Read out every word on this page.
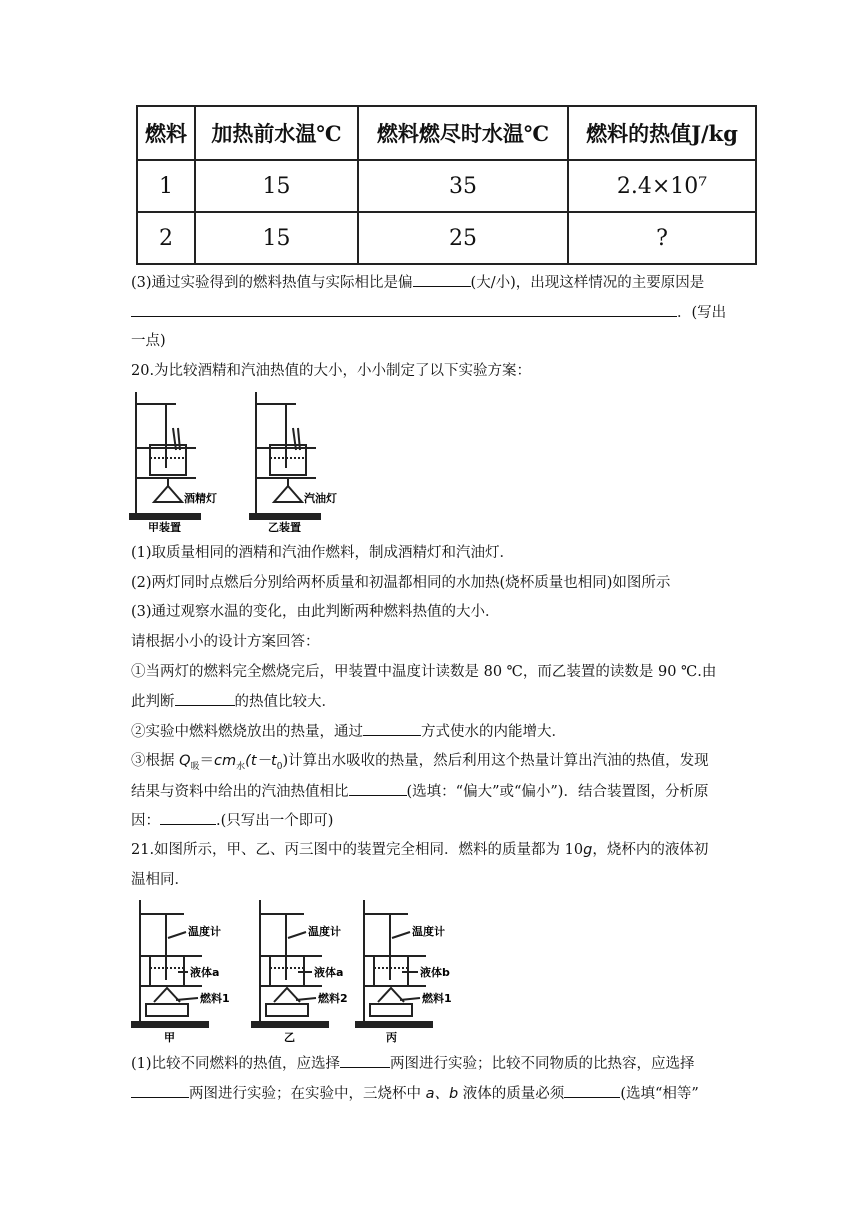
燃料	加热前水温℃	燃料燃尽时水温℃	燃料的热值J/kg
1	15	35	2.4×10⁷
2	15	25	?
(3)通过实验得到的燃料热值与实际相比是偏	(大/小)，出现这样情况的主要原因是
．(写出
一点)
20.为比较酒精和汽油热值的大小，小小制定了以下实验方案：
酒精灯	汽油灯
甲装置	乙装置
(1)取质量相同的酒精和汽油作燃料，制成酒精灯和汽油灯．
(2)两灯同时点燃后分别给两杯质量和初温都相同的水加热(烧杯质量也相同)如图所示
(3)通过观察水温的变化，由此判断两种燃料热值的大小．
请根据小小的设计方案回答：
①当两灯的燃料完全燃烧完后，甲装置中温度计读数是 80 ℃，而乙装置的读数是 90 ℃.由
此判断	的热值比较大．
②实验中燃料燃烧放出的热量，通过	方式使水的内能增大．
③根据 $Q_吸=cm_水(t-t_0)$计算出水吸收的热量，然后利用这个热量计算出汽油的热值，发现
结果与资料中给出的汽油热值相比	(选填：“偏大”或“偏小”)．结合装置图，分析原
因：	.(只写出一个即可)
21.如图所示，甲、乙、丙三图中的装置完全相同．燃料的质量都为 10g，烧杯内的液体初
温相同．
温度计
液体a
燃料1
温度计
液体a
燃料2
温度计
液体b
燃料1
甲	乙	丙
(1)比较不同燃料的热值，应选择	两图进行实验；比较不同物质的比热容，应选择
两图进行实验；在实验中，三烧杯中 a、b 液体的质量必须	(选填“相等”
